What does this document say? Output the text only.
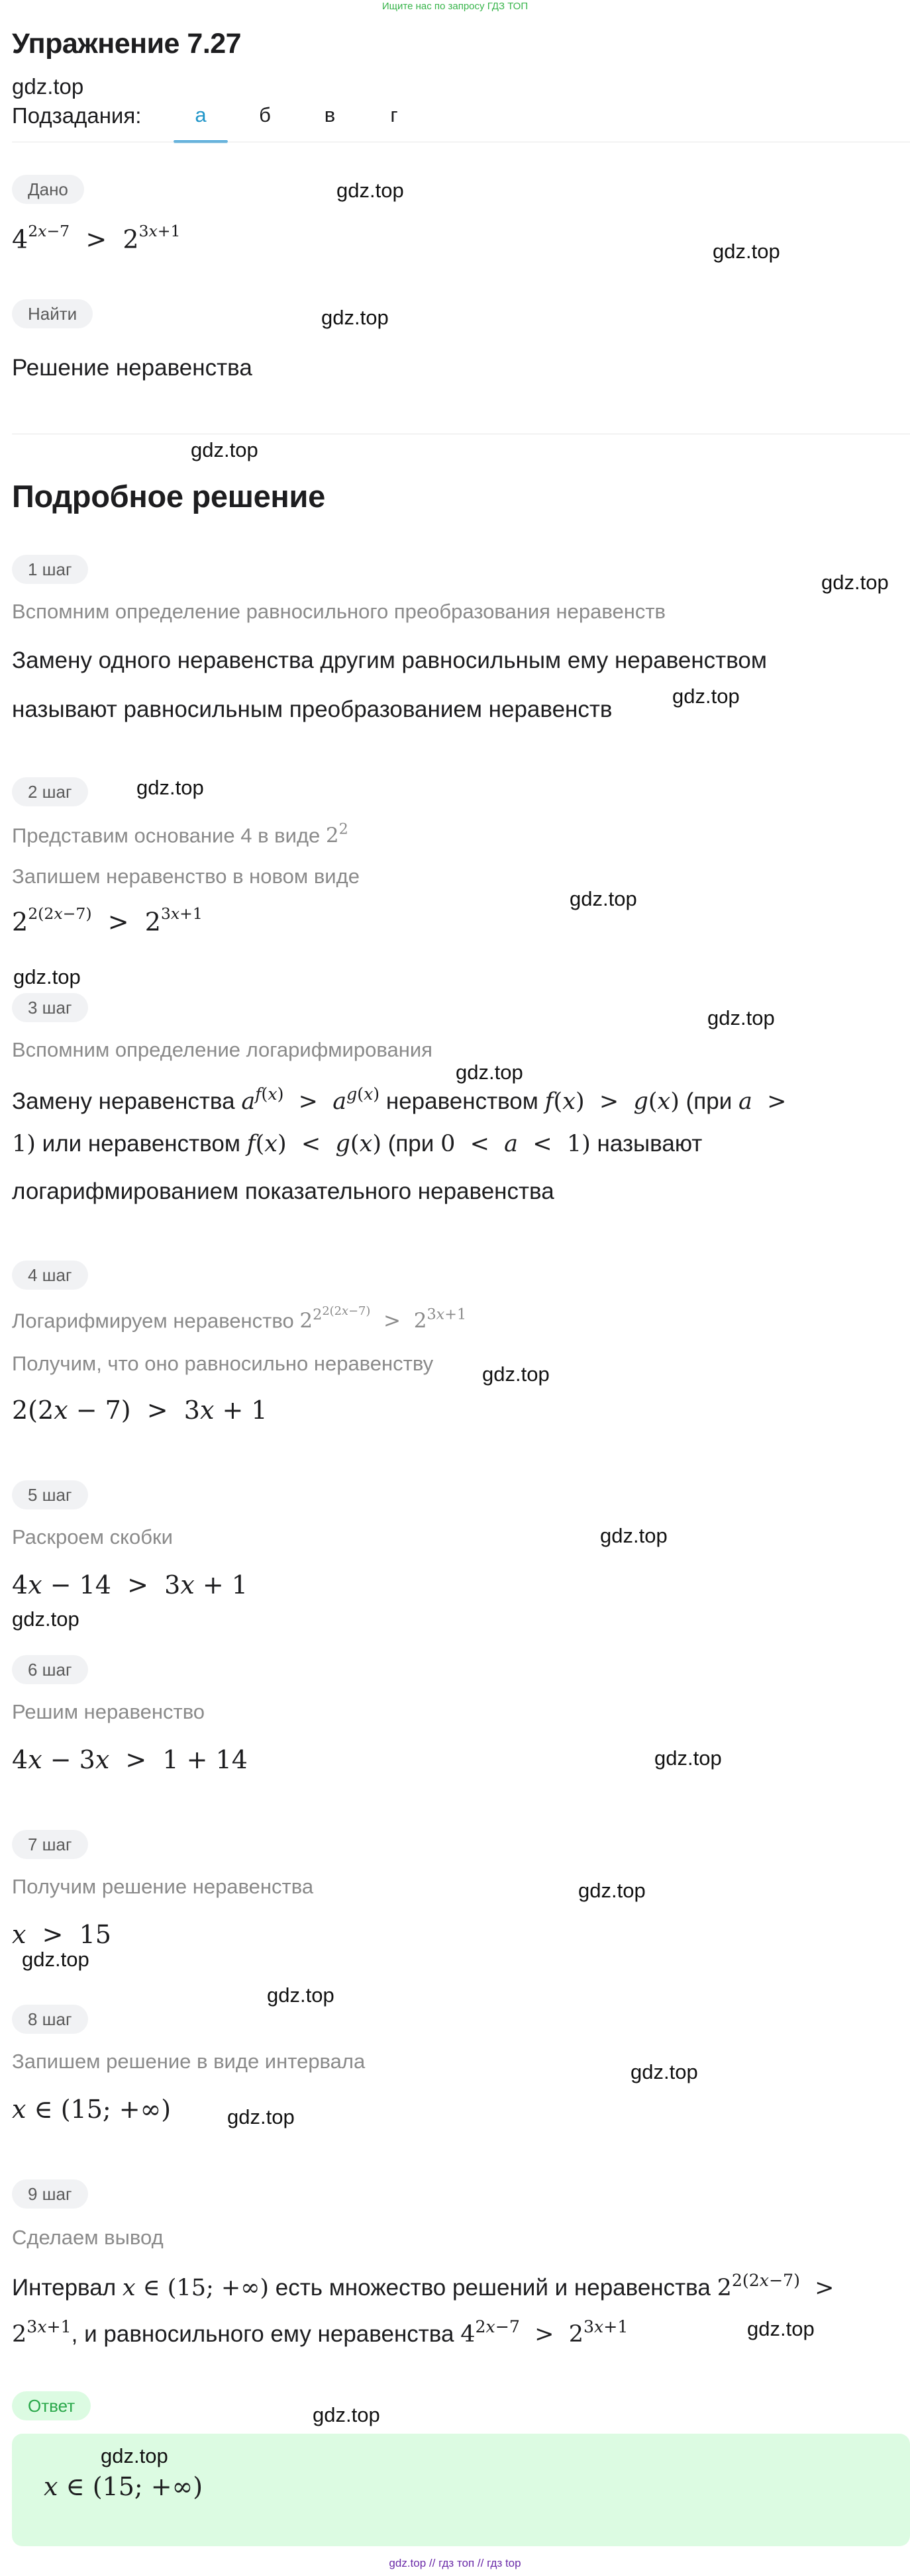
Ищите нас по запросу ГДЗ ТОП
Упражнение 7.27
gdz.top
Подзадания:	а	б	в	г
Дано
$4^{2x-7} > 2^{3x+1}$
Найти
Решение неравенства
Подробное решение
1 шаг
Вспомним определение равносильного преобразования неравенств
Замену одного неравенства другим равносильным ему неравенством
называют равносильным преобразованием неравенств
2 шаг
Представим основание 4 в виде $2^2$
Запишем неравенство в новом виде
$2^{2(2x-7)} > 2^{3x+1}$
3 шаг
Вспомним определение логарифмирования
Замену неравенства $a^{f(x)} > a^{g(x)}$ неравенством f(x)  >  g(x) (при a  >
1) или неравенством f(x)  <  g(x) (при 0  <  a  <  1) называют
логарифмированием показательного неравенства
4 шаг
Логарифмируем неравенство $2^{2^{2(2x-7)}} > 2^{3x+1}$
Получим, что оно равносильно неравенству
2(2x − 7)  >  3x + 1
5 шаг
Раскроем скобки
4x − 14  >  3x + 1
6 шаг
Решим неравенство
4x − 3x  >  1 + 14
7 шаг
Получим решение неравенства
x  >  15
8 шаг
Запишем решение в виде интервала
x ∈ (15; +∞)
9 шаг
Сделаем вывод
Интервал x ∈ (15; +∞) есть множество решений и неравенства $2^{2(2x-7)}$  >
$2^{3x+1}$, и равносильного ему неравенства $4^{2x-7} > 2^{3x+1}$
Ответ
x ∈ (15; +∞)
gdz.top
gdz.top
gdz.top
gdz.top
gdz.top
gdz.top
gdz.top
gdz.top
gdz.top
gdz.top
gdz.top
gdz.top
gdz.top
gdz.top
gdz.top
gdz.top
gdz.top
gdz.top
gdz.top
gdz.top
gdz.top
gdz.top
gdz.top
gdz.top // гдз топ // гдз top
